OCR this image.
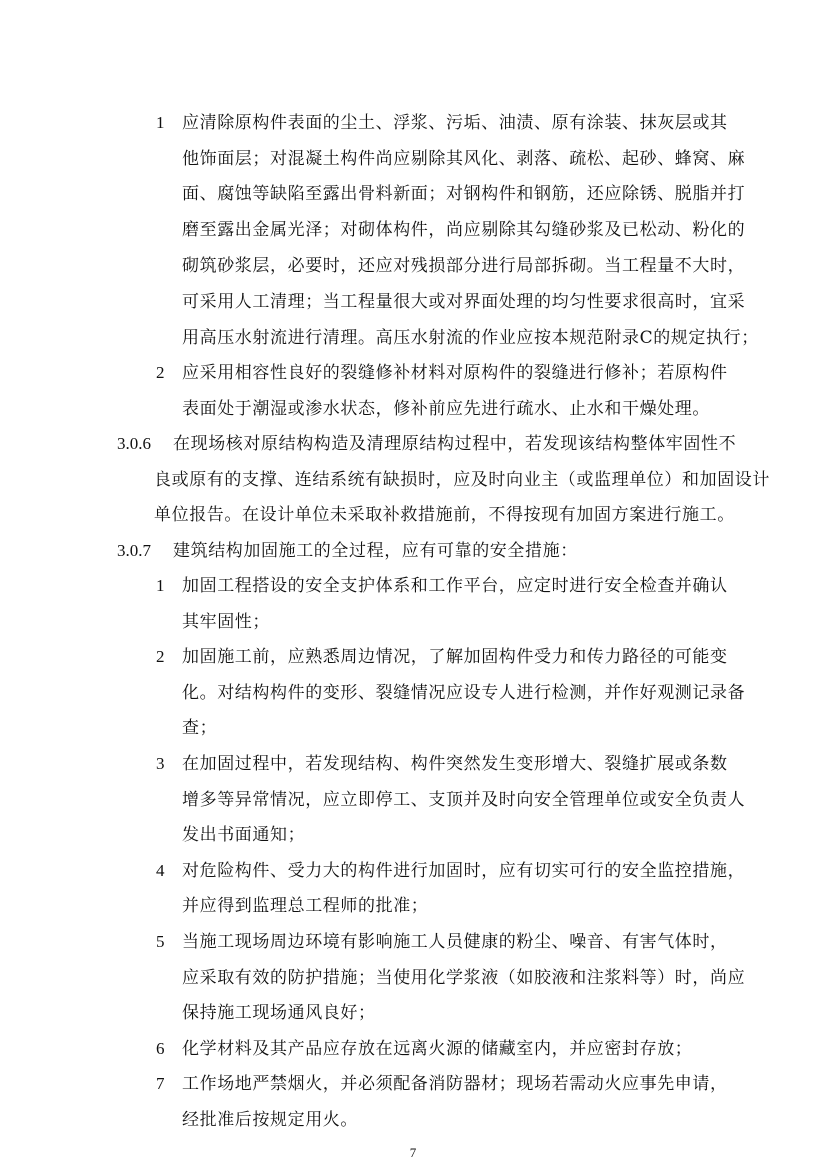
1 应清除原构件表面的尘土、浮浆、污垢、油渍、原有涂装、抹灰层或其
他饰面层；对混凝土构件尚应剔除其风化、剥落、疏松、起砂、蜂窝、麻
面、腐蚀等缺陷至露出骨料新面；对钢构件和钢筋，还应除锈、脱脂并打
磨至露出金属光泽；对砌体构件，尚应剔除其勾缝砂浆及已松动、粉化的
砌筑砂浆层，必要时，还应对残损部分进行局部拆砌。当工程量不大时，
可采用人工清理；当工程量很大或对界面处理的均匀性要求很高时，宜采
用高压水射流进行清理。高压水射流的作业应按本规范附录C的规定执行；
2 应采用相容性良好的裂缝修补材料对原构件的裂缝进行修补；若原构件
表面处于潮湿或渗水状态，修补前应先进行疏水、止水和干燥处理。
3.0.6 在现场核对原结构构造及清理原结构过程中，若发现该结构整体牢固性不
良或原有的支撑、连结系统有缺损时，应及时向业主（或监理单位）和加固设计
单位报告。在设计单位未采取补救措施前，不得按现有加固方案进行施工。
3.0.7 建筑结构加固施工的全过程，应有可靠的安全措施：
1 加固工程搭设的安全支护体系和工作平台，应定时进行安全检查并确认
其牢固性；
2 加固施工前，应熟悉周边情况，了解加固构件受力和传力路径的可能变
化。对结构构件的变形、裂缝情况应设专人进行检测，并作好观测记录备
查；
3 在加固过程中，若发现结构、构件突然发生变形增大、裂缝扩展或条数
增多等异常情况，应立即停工、支顶并及时向安全管理单位或安全负责人
发出书面通知；
4 对危险构件、受力大的构件进行加固时，应有切实可行的安全监控措施，
并应得到监理总工程师的批准；
5 当施工现场周边环境有影响施工人员健康的粉尘、噪音、有害气体时，
应采取有效的防护措施；当使用化学浆液（如胶液和注浆料等）时，尚应
保持施工现场通风良好；
6 化学材料及其产品应存放在远离火源的储藏室内，并应密封存放；
7 工作场地严禁烟火，并必须配备消防器材；现场若需动火应事先申请，
经批准后按规定用火。
7
